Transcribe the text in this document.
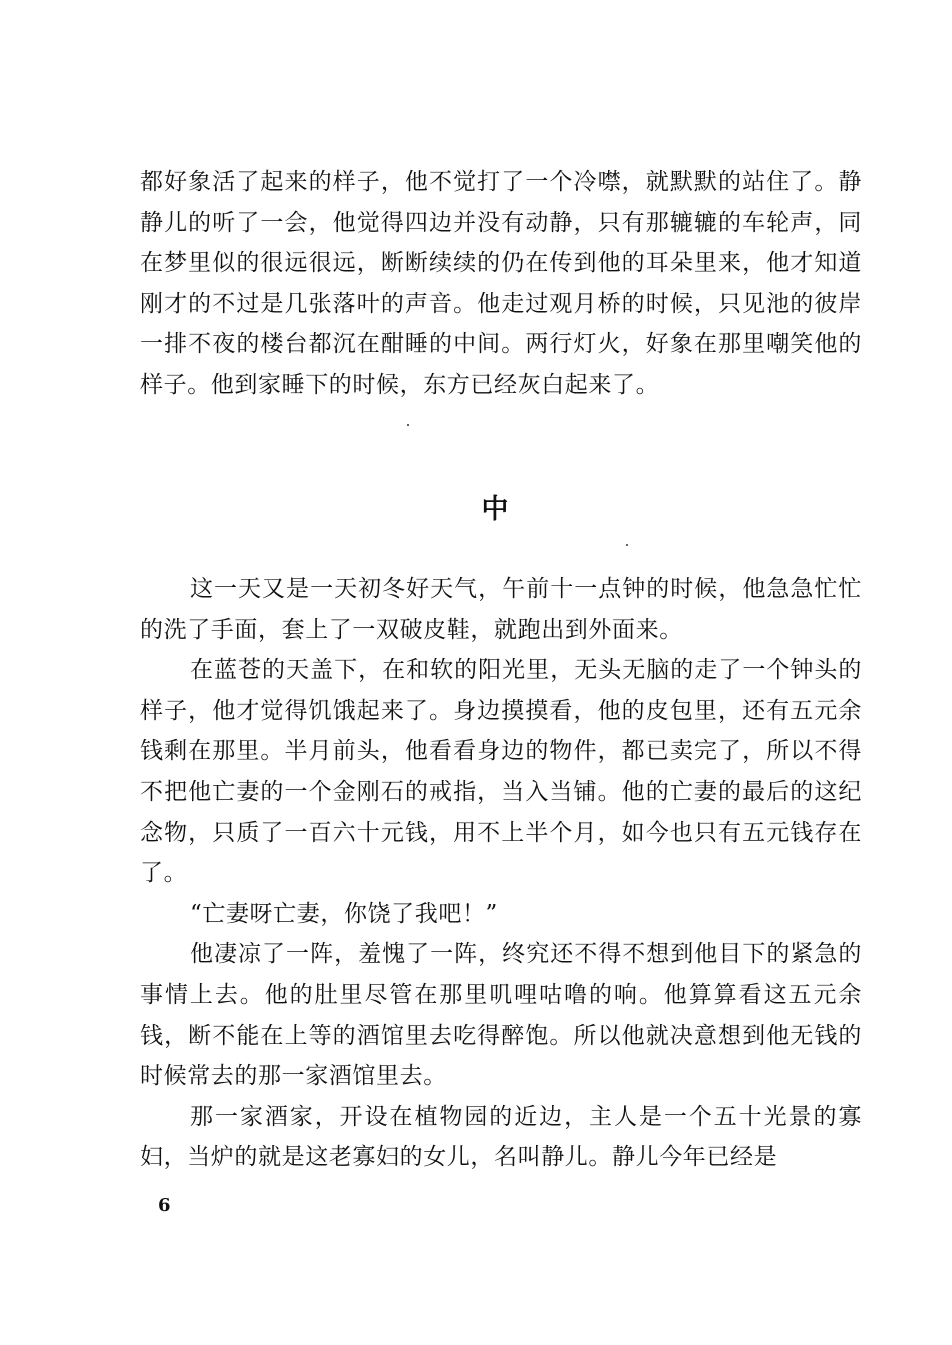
都好象活了起来的样子，他不觉打了一个冷噤，就默默的站住了。静静儿的听了一会，他觉得四边并没有动静，只有那辘辘的车轮声，同在梦里似的很远很远，断断续续的仍在传到他的耳朵里来，他才知道刚才的不过是几张落叶的声音。他走过观月桥的时候，只见池的彼岸一排不夜的楼台都沉在酣睡的中间。两行灯火，好象在那里嘲笑他的样子。他到家睡下的时候，东方已经灰白起来了。

中

这一天又是一天初冬好天气，午前十一点钟的时候，他急急忙忙的洗了手面，套上了一双破皮鞋，就跑出到外面来。

在蓝苍的天盖下，在和软的阳光里，无头无脑的走了一个钟头的样子，他才觉得饥饿起来了。身边摸摸看，他的皮包里，还有五元余钱剩在那里。半月前头，他看看身边的物件，都已卖完了，所以不得不把他亡妻的一个金刚石的戒指，当入当铺。他的亡妻的最后的这纪念物，只质了一百六十元钱，用不上半个月，如今也只有五元钱存在了。

“亡妻呀亡妻，你饶了我吧！”

他凄凉了一阵，羞愧了一阵，终究还不得不想到他目下的紧急的事情上去。他的肚里尽管在那里叽哩咕噜的响。他算算看这五元余钱，断不能在上等的酒馆里去吃得醉饱。所以他就决意想到他无钱的时候常去的那一家酒馆里去。

那一家酒家，开设在植物园的近边，主人是一个五十光景的寡妇，当炉的就是这老寡妇的女儿，名叫静儿。静儿今年已经是

6
